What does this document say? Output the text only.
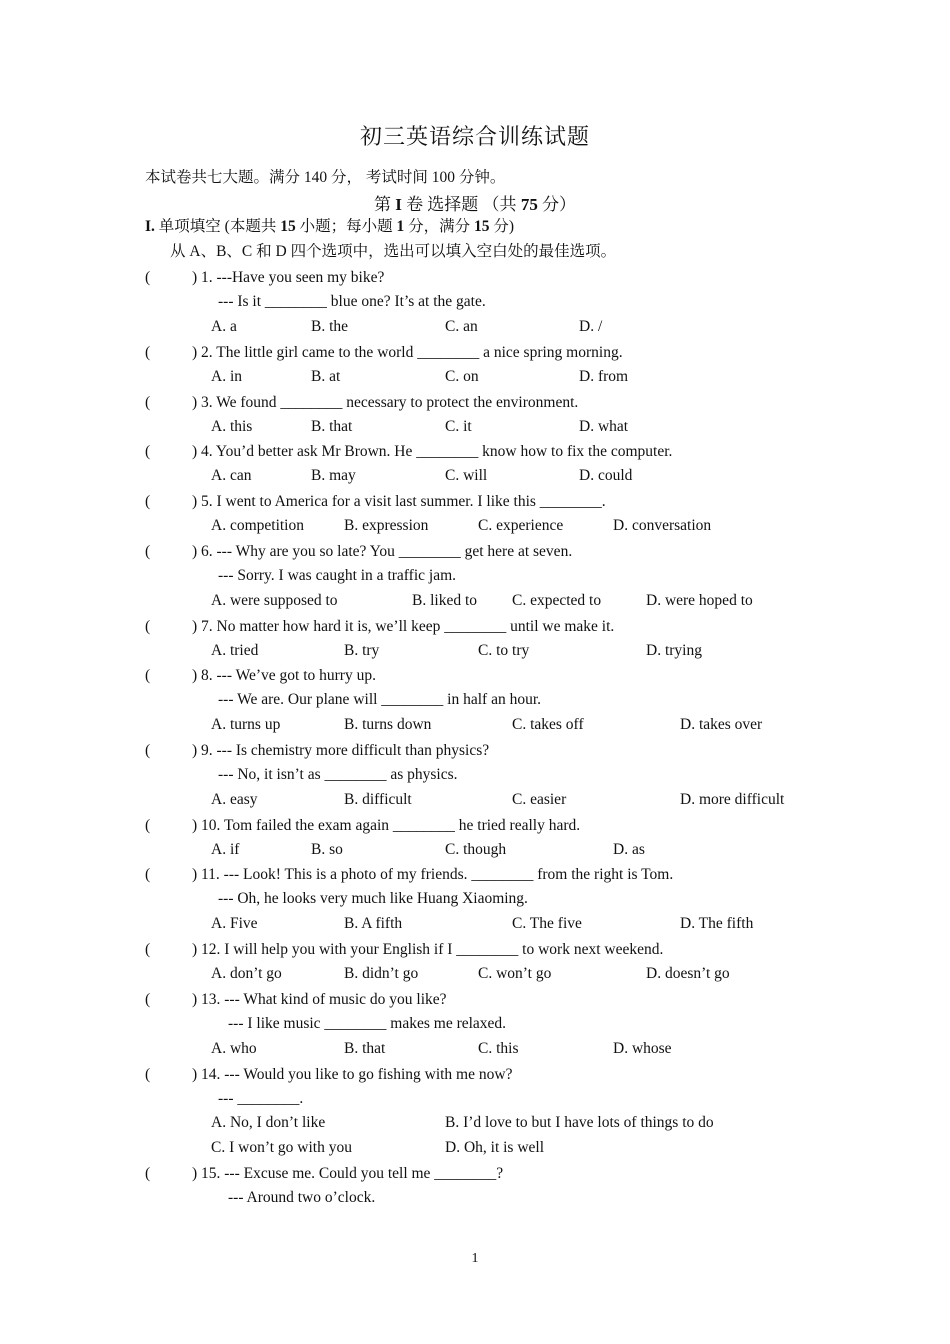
初三英语综合训练试题
本试卷共七大题。满分 140 分， 考试时间 100 分钟。
第 I 卷 选择题 （共 75 分）
I. 单项填空 (本题共 15 小题；每小题 1 分，满分 15 分)
从 A、B、C 和 D 四个选项中，选出可以填入空白处的最佳选项。
(	) 1. ---Have you seen my bike?
--- Is it ________ blue one? It’s at the gate.
A. a	B. the	C. an	D. /
(	) 2. The little girl came to the world ________ a nice spring morning.
A. in	B. at	C. on	D. from
(	) 3. We found ________ necessary to protect the environment.
A. this	B. that	C. it	D. what
(	) 4. You’d better ask Mr Brown. He ________ know how to fix the computer.
A. can	B. may	C. will	D. could
(	) 5. I went to America for a visit last summer. I like this ________.
A. competition	B. expression	C. experience	D. conversation
(	) 6. --- Why are you so late? You ________ get here at seven.
--- Sorry. I was caught in a traffic jam.
A. were supposed to	B. liked to C. expected to	D. were hoped to
(	) 7. No matter how hard it is, we’ll keep ________ until we make it.
A. tried	B. try	C. to try	D. trying
(	) 8. --- We’ve got to hurry up.
--- We are. Our plane will ________ in half an hour.
A. turns up	B. turns down	C. takes off	D. takes over
(	) 9. --- Is chemistry more difficult than physics?
--- No, it isn’t as ________ as physics.
A. easy	B. difficult	C. easier	D. more difficult
(	) 10. Tom failed the exam again ________ he tried really hard.
A. if	B. so	C. though	D. as
(	) 11. --- Look! This is a photo of my friends. ________ from the right is Tom.
--- Oh, he looks very much like Huang Xiaoming.
A. Five	B. A fifth	C. The five	D. The fifth
(	) 12. I will help you with your English if I ________ to work next weekend.
A. don’t go	B. didn’t go	C. won’t go	D. doesn’t go
(	) 13. --- What kind of music do you like?
--- I like music ________ makes me relaxed.
A. who	B. that	C. this	D. whose
(	) 14. --- Would you like to go fishing with me now?
--- ________.
A. No, I don’t like	B. I’d love to but I have lots of things to do
C. I won’t go with you	D. Oh, it is well
(	) 15. --- Excuse me. Could you tell me ________?
--- Around two o’clock.
1
